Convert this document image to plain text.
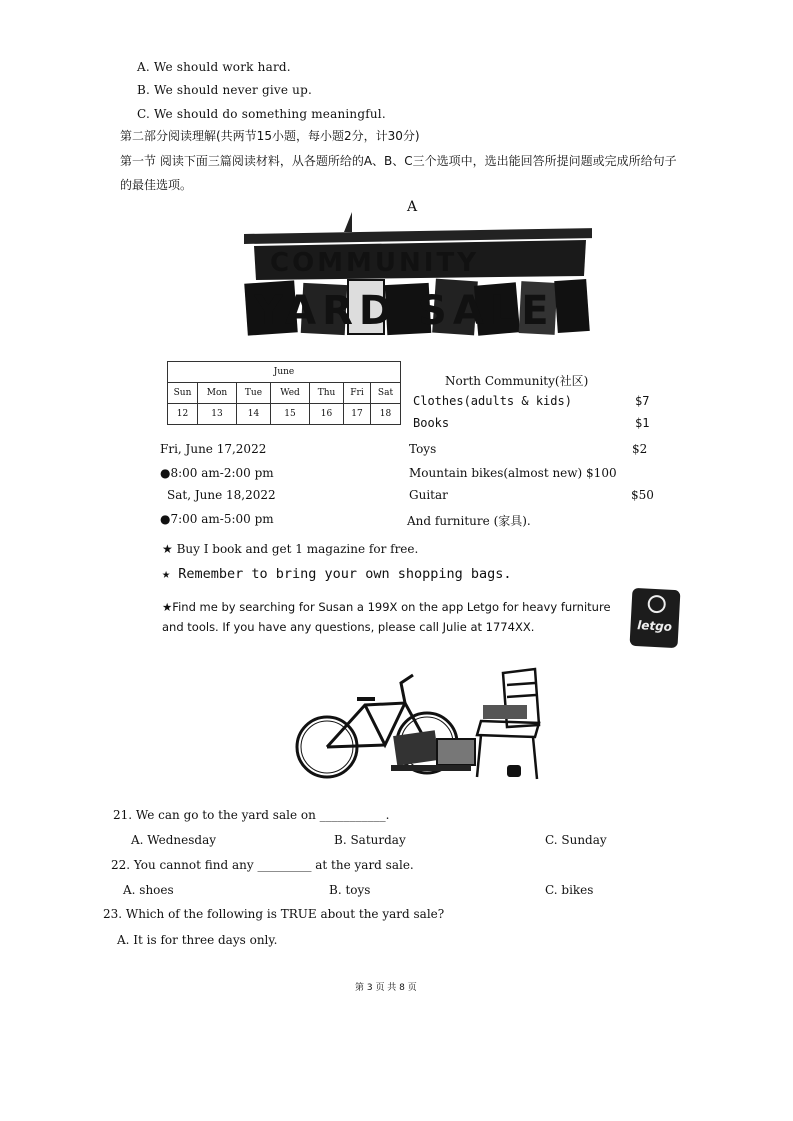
A. We should work hard.
B. We should never give up.
C. We should do something meaningful.
第二部分阅读理解(共两节15小题，每小题2分，计30分)
第一节 阅读下面三篇阅读材料，从各题所给的A、B、C三个选项中，选出能回答所提问题或完成所给句子
的最佳选项。
A
COMMUNITY
YARD SALE
June						
Sun	Mon	Tue	Wed	Thu	Fri	Sat
12	13	14	15	16	17	18
Fri, June 17,2022
●8:00 am-2:00 pm
Sat, June 18,2022
●7:00 am-5:00 pm
North Community(社区)
Clothes(adults & kids)	$7
Books	$1
Toys	$2
Mountain bikes(almost new) $100
Guitar	$50
And furniture (家具).
★ Buy I book and get 1 magazine for free.
★ Remember to bring your own shopping bags.
★Find me by searching for Susan a 199X on the app Letgo for heavy furniture
and tools. If you have any questions, please call Julie at 1774XX.	letgo
21. We can go to the yard sale on ___________.
A. Wednesday	B. Saturday	C. Sunday
22. You cannot find any _________ at the yard sale.
A. shoes	B. toys	C. bikes
23. Which of the following is TRUE about the yard sale?
A. It is for three days only.
第 3 页 共 8 页
